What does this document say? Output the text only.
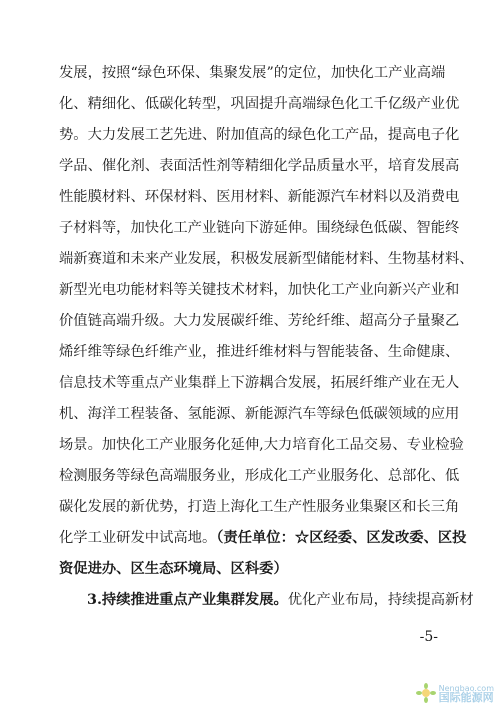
发展，按照“绿色环保、集聚发展”的定位，加快化工产业高端
化、精细化、低碳化转型，巩固提升高端绿色化工千亿级产业优
势。大力发展工艺先进、附加值高的绿色化工产品，提高电子化
学品、催化剂、表面活性剂等精细化学品质量水平，培育发展高
性能膜材料、环保材料、医用材料、新能源汽车材料以及消费电
子材料等，加快化工产业链向下游延伸。围绕绿色低碳、智能终
端新赛道和未来产业发展，积极发展新型储能材料、生物基材料、
新型光电功能材料等关键技术材料，加快化工产业向新兴产业和
价值链高端升级。大力发展碳纤维、芳纶纤维、超高分子量聚乙
烯纤维等绿色纤维产业，推进纤维材料与智能装备、生命健康、
信息技术等重点产业集群上下游耦合发展，拓展纤维产业在无人
机、海洋工程装备、氢能源、新能源汽车等绿色低碳领域的应用
场景。加快化工产业服务化延伸,大力培育化工品交易、专业检验
检测服务等绿色高端服务业，形成化工产业服务化、总部化、低
碳化发展的新优势，打造上海化工生产性服务业集聚区和长三角
化学工业研发中试高地。（责任单位：☆区经委、区发改委、区投
资促进办、区生态环境局、区科委）
3.持续推进重点产业集群发展。优化产业布局，持续提高新材
-5-
Nengbao.com
国际能源网
